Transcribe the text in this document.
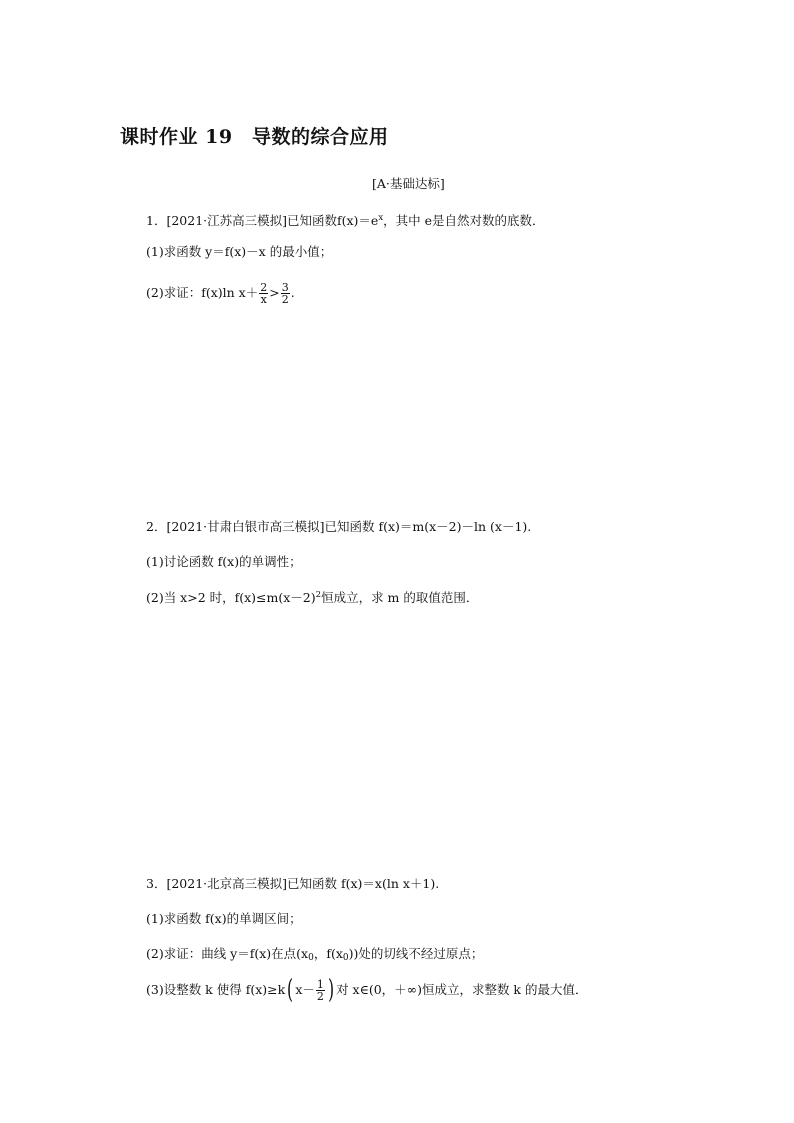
课时作业 19　导数的综合应用
[A·基础达标]
1．[2021·江苏高三模拟]已知函数$f(x)=e^x$，其中 e是自然对数的底数．
(1)求函数 y＝f(x)－x 的最小值；
(2)求证：f(x)ln $x+ \frac{2}{x} > \frac{3}{2}$ .
2．[2021·甘肃白银市高三模拟]已知函数 f(x)＝m(x－2)－ln (x－1).
(1)讨论函数 f(x)的单调性；
(2)当 x>2 时，$f(x)\le m(x-2)^2$恒成立，求 m 的取值范围．
3．[2021·北京高三模拟]已知函数 f(x)＝x(ln x＋1).
(1)求函数 f(x)的单调区间；
(2)求证：曲线 y＝f(x)在点($x_0$，$f(x_0)$)处的切线不经过原点；
(3)设整数 k 使得 f(x)≥k( $x- \frac{1}{2}$ ) 对 x∈(0，＋∞)恒成立，求整数 k 的最大值．
